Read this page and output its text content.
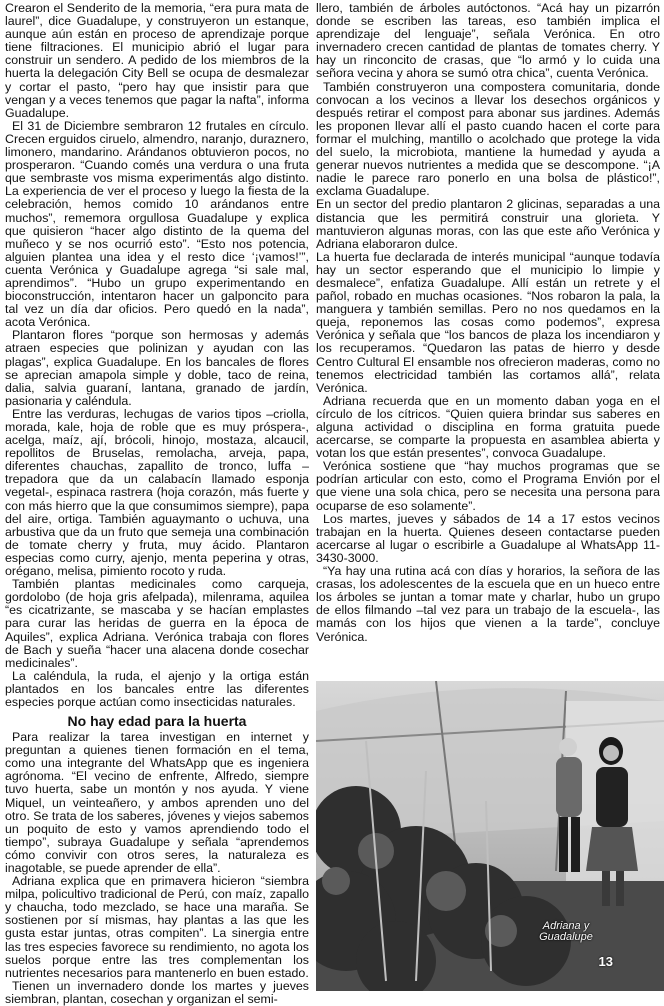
Crearon el Senderito de la memoria, “era pura mata de laurel”, dice Guadalupe, y construyeron un estanque, aunque aún están en proceso de aprendizaje porque tiene filtraciones. El municipio abrió el lugar para construir un sendero. A pedido de los miembros de la huerta la delegación City Bell se ocupa de desmalezar y cortar el pasto, “pero hay que insistir para que vengan y a veces tenemos que pagar la nafta”, informa Guadalupe.

El 31 de Diciembre sembraron 12 frutales en círculo. Crecen erguidos ciruelo, almendro, naranjo, duraznero, limonero, mandarino. Arándanos obtuvieron pocos, no prosperaron. “Cuando comés una verdura o una fruta que sembraste vos misma experimentás algo distinto. La experiencia de ver el proceso y luego la fiesta de la celebración, hemos comido 10 arándanos entre muchos”, rememora orgullosa Guadalupe y explica que quisieron “hacer algo distinto de la quema del muñeco y se nos ocurrió esto”. “Esto nos potencia, alguien plantea una idea y el resto dice ‘¡vamos!’”, cuenta Verónica y Guadalupe agrega “si sale mal, aprendimos”. “Hubo un grupo experimentando en bioconstrucción, intentaron hacer un galponcito para tal vez un día dar oficios. Pero quedó en la nada”, acota Verónica.

Plantaron flores “porque son hermosas y además atraen especies que polinizan y ayudan con las plagas”, explica Guadalupe. En los bancales de flores se aprecian amapola simple y doble, taco de reina, dalia, salvia guaraní, lantana, granado de jardín, pasionaria y caléndula.

Entre las verduras, lechugas de varios tipos –criolla, morada, kale, hoja de roble que es muy próspera-, acelga, maíz, ají, brócoli, hinojo, mostaza, alcaucil, repollitos de Bruselas, remolacha, arveja, papa, diferentes chauchas, zapallito de tronco, luffa –trepadora que da un calabacín llamado esponja vegetal-, espinaca rastrera (hoja corazón, más fuerte y con más hierro que la que consumimos siempre), papa del aire, ortiga. También aguaymanto o uchuva, una arbustiva que da un fruto que semeja una combinación de tomate cherry y fruta, muy ácido. Plantaron especias como curry, ajenjo, menta peperina y otras, orégano, melisa, pimiento rocoto y ruda.

También plantas medicinales como carqueja, gordolobo (de hoja gris afelpada), milenrama, aquilea “es cicatrizante, se mascaba y se hacían emplastes para curar las heridas de guerra en la época de Aquiles”, explica Adriana. Verónica trabaja con flores de Bach y sueña “hacer una alacena donde cosechar medicinales”.

La caléndula, la ruda, el ajenjo y la ortiga están plantados en los bancales entre las diferentes especies porque actúan como insecticidas naturales.

No hay edad para la huerta

Para realizar la tarea investigan en internet y preguntan a quienes tienen formación en el tema, como una integrante del WhatsApp que es ingeniera agrónoma. “El vecino de enfrente, Alfredo, siempre tuvo huerta, sabe un montón y nos ayuda. Y viene Miquel, un veinteañero, y ambos aprenden uno del otro. Se trata de los saberes, jóvenes y viejos sabemos un poquito de esto y vamos aprendiendo todo el tiempo”, subraya Guadalupe y señala “aprendemos cómo convivir con otros seres, la naturaleza es inagotable, se puede aprender de ella”.

Adriana explica que en primavera hicieron “siembra milpa, policultivo tradicional de Perú, con maíz, zapallo y chaucha, todo mezclado, se hace una maraña. Se sostienen por sí mismas, hay plantas a las que les gusta estar juntas, otras compiten”. La sinergia entre las tres especies favorece su rendimiento, no agota los suelos porque entre las tres complementan los nutrientes necesarios para mantenerlo en buen estado.

Tienen un invernadero donde los martes y jueves siembran, plantan, cosechan y organizan el semi-

llero, también de árboles autóctonos. “Acá hay un pizarrón donde se escriben las tareas, eso también implica el aprendizaje del lenguaje”, señala Verónica. En otro invernadero crecen cantidad de plantas de tomates cherry. Y hay un rinconcito de crasas, que “lo armó y lo cuida una señora vecina y ahora se sumó otra chica”, cuenta Verónica.

También construyeron una compostera comunitaria, donde convocan a los vecinos a llevar los desechos orgánicos y después retirar el compost para abonar sus jardines. Además les proponen llevar allí el pasto cuando hacen el corte para formar el mulching, mantillo o acolchado que protege la vida del suelo, la microbiota, mantiene la humedad y ayuda a generar nuevos nutrientes a medida que se descompone. “¡A nadie le parece raro ponerlo en una bolsa de plástico!”, exclama Guadalupe.

En un sector del predio plantaron 2 glicinas, separadas a una distancia que les permitirá construir una glorieta. Y mantuvieron algunas moras, con las que este año Verónica y Adriana elaboraron dulce.

La huerta fue declarada de interés municipal “aunque todavía hay un sector esperando que el municipio lo limpie y desmalece”, enfatiza Guadalupe. Allí están un retrete y el pañol, robado en muchas ocasiones. “Nos robaron la pala, la manguera y también semillas. Pero no nos quedamos en la queja, reponemos las cosas como podemos”, expresa Verónica y señala que “los bancos de plaza los incendiaron y los recuperamos. “Quedaron las patas de hierro y desde Centro Cultural El ensamble nos ofrecieron maderas, como no tenemos electricidad también las cortamos allá”, relata Verónica.

Adriana recuerda que en un momento daban yoga en el círculo de los cítricos. “Quien quiera brindar sus saberes en alguna actividad o disciplina en forma gratuita puede acercarse, se comparte la propuesta en asamblea abierta y votan los que están presentes”, convoca Guadalupe.

Verónica sostiene que “hay muchos programas que se podrían articular con esto, como el Programa Envión por el que viene una sola chica, pero se necesita una persona para ocuparse de eso solamente”.

Los martes, jueves y sábados de 14 a 17 estos vecinos trabajan en la huerta. Quienes deseen contactarse pueden acercarse al lugar o escribirle a Guadalupe al WhatsApp 11-3430-3000.

“Ya hay una rutina acá con días y horarios, la señora de las crasas, los adolescentes de la escuela que en un hueco entre los árboles se juntan a tomar mate y charlar, hubo un grupo de ellos filmando –tal vez para un trabajo de la escuela-, las mamás con los hijos que vienen a la tarde”, concluye Verónica.

Adriana y Guadalupe
13
